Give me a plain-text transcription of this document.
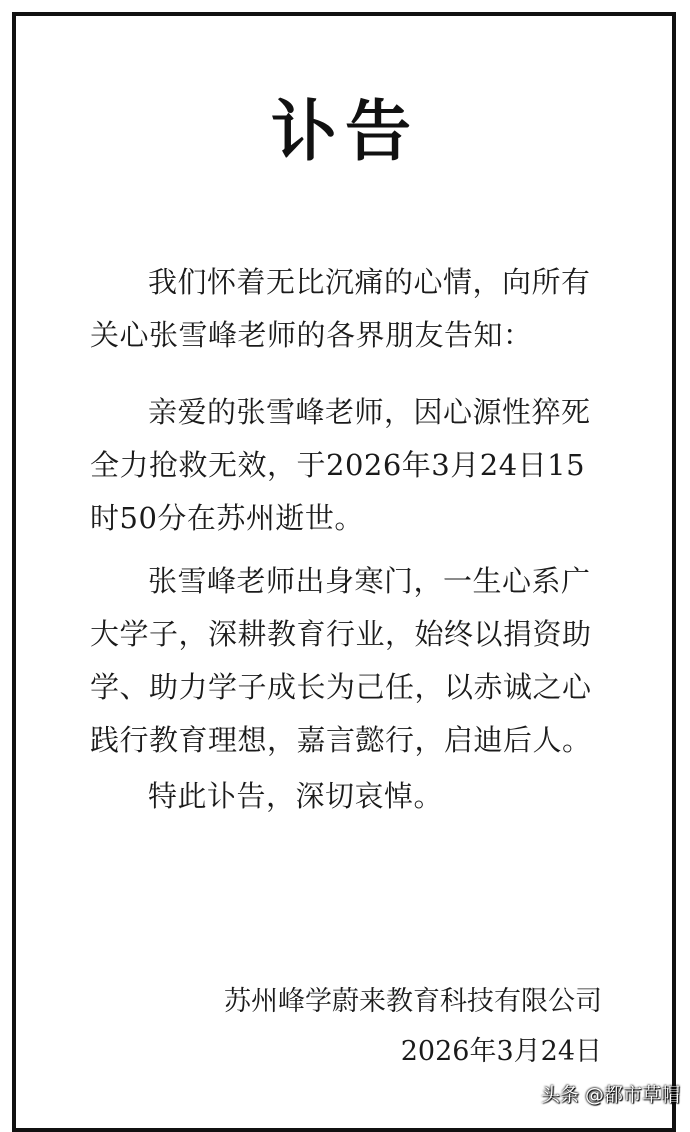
讣告
我们怀着无比沉痛的心情，向所有关心张雪峰老师的各界朋友告知：
亲爱的张雪峰老师，因心源性猝死全力抢救无效，于2026年3月24日15时50分在苏州逝世。
张雪峰老师出身寒门，一生心系广大学子，深耕教育行业，始终以捐资助学、助力学子成长为己任，以赤诚之心践行教育理想，嘉言懿行，启迪后人。
特此讣告，深切哀悼。
苏州峰学蔚来教育科技有限公司
2026年3月24日
头条 @都市草帽
